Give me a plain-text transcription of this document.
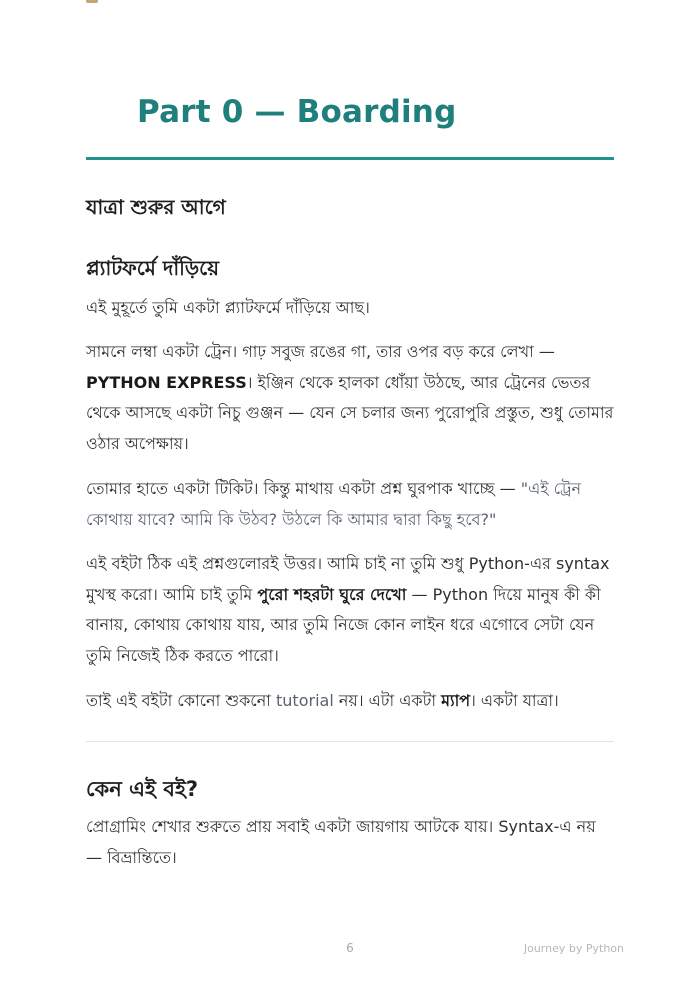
Part 0 — Boarding
যাত্রা শুরুর আগে
প্ল্যাটফর্মে দাঁড়িয়ে

এই মুহূর্তে তুমি একটা প্ল্যাটফর্মে দাঁড়িয়ে আছ।

সামনে লম্বা একটা ট্রেন। গাঢ় সবুজ রঙের গা, তার ওপর বড় করে লেখা — PYTHON EXPRESS। ইঞ্জিন থেকে হালকা ধোঁয়া উঠছে, আর ট্রেনের ভেতর থেকে আসছে একটা নিচু গুঞ্জন — যেন সে চলার জন্য পুরোপুরি প্রস্তুত, শুধু তোমার ওঠার অপেক্ষায়।

তোমার হাতে একটা টিকিট। কিন্তু মাথায় একটা প্রশ্ন ঘুরপাক খাচ্ছে — "এই ট্রেন কোথায় যাবে? আমি কি উঠব? উঠলে কি আমার দ্বারা কিছু হবে?"

এই বইটা ঠিক এই প্রশ্নগুলোরই উত্তর। আমি চাই না তুমি শুধু Python-এর syntax মুখস্থ করো। আমি চাই তুমি পুরো শহরটা ঘুরে দেখো — Python দিয়ে মানুষ কী কী বানায়, কোথায় কোথায় যায়, আর তুমি নিজে কোন লাইন ধরে এগোবে সেটা যেন তুমি নিজেই ঠিক করতে পারো।

তাই এই বইটা কোনো শুকনো tutorial নয়। এটা একটা ম্যাপ। একটা যাত্রা।

কেন এই বই?

প্রোগ্রামিং শেখার শুরুতে প্রায় সবাই একটা জায়গায় আটকে যায়। Syntax-এ নয় — বিভ্রান্তিতে।

6	Journey by Python
